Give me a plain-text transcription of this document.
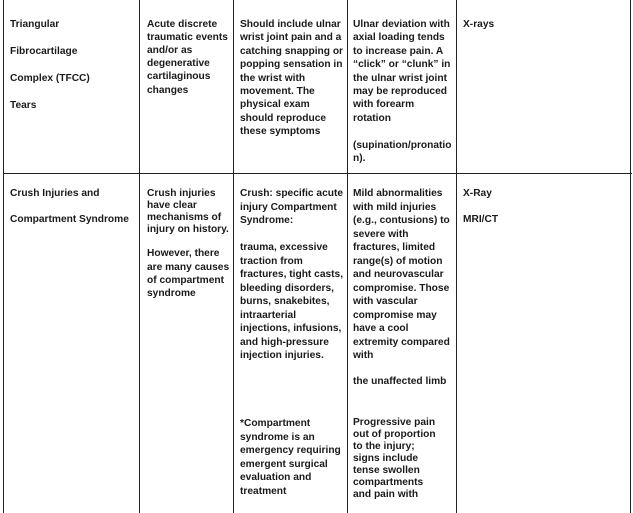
Triangular

Fibrocartilage

Complex (TFCC)

Tears

Acute discrete

traumatic events

and/or as

degenerative

cartilaginous

changes

Should include ulnar

wrist joint pain and a

catching snapping or

popping sensation in

the wrist with

movement. The

physical exam

should reproduce

these symptoms

Ulnar deviation with

axial loading tends

to increase pain. A

“click” or “clunk” in

the ulnar wrist joint

may be reproduced

with forearm

rotation

(supination/pronatio

n).

X-rays

Crush Injuries and

Compartment Syndrome

Crush injuries

have clear

mechanisms of

injury on history.

However, there

are many causes

of compartment

syndrome

Crush: specific acute

injury Compartment

Syndrome:

trauma, excessive

traction from

fractures, tight casts,

bleeding disorders,

burns, snakebites,

intraarterial

injections, infusions,

and high-pressure

injection injuries.

*Compartment

syndrome is an

emergency requiring

emergent surgical

evaluation and

treatment

Mild abnormalities

with mild injuries

(e.g., contusions) to

severe with

fractures, limited

range(s) of motion

and neurovascular

compromise. Those

with vascular

compromise may

have a cool

extremity compared

with

the unaffected limb

Progressive pain

out of proportion

to the injury;

signs include

tense swollen

compartments

and pain with

X-Ray

MRI/CT
